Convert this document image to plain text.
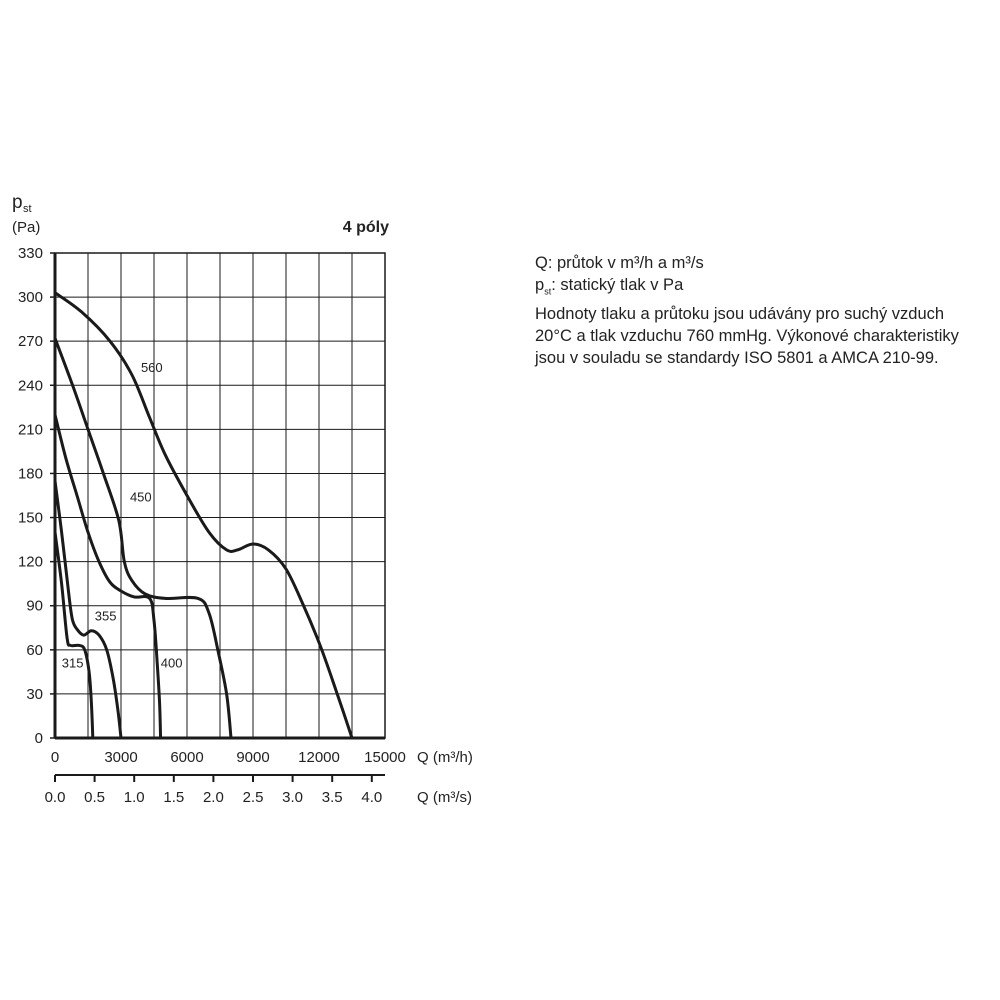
0
30
60
90
120
150
180
210
240
270
300
330
0	3000 6000 9000 12000 15000 Q (m³/h)
0.0 0.5 1.0 1.5 2.0 2.5 3.0 3.5 4.0 Q (m³/s)
p st
(Pa)	4 póly
560
450
355
400
315
Q: průtok v m³/h a m³/s
$p_{st}$: statický tlak v Pa
Hodnoty tlaku a průtoku jsou udávány pro suchý vzduch
20°C a tlak vzduchu 760 mmHg. Výkonové charakteristiky
jsou v souladu se standardy ISO 5801 a AMCA 210-99.
